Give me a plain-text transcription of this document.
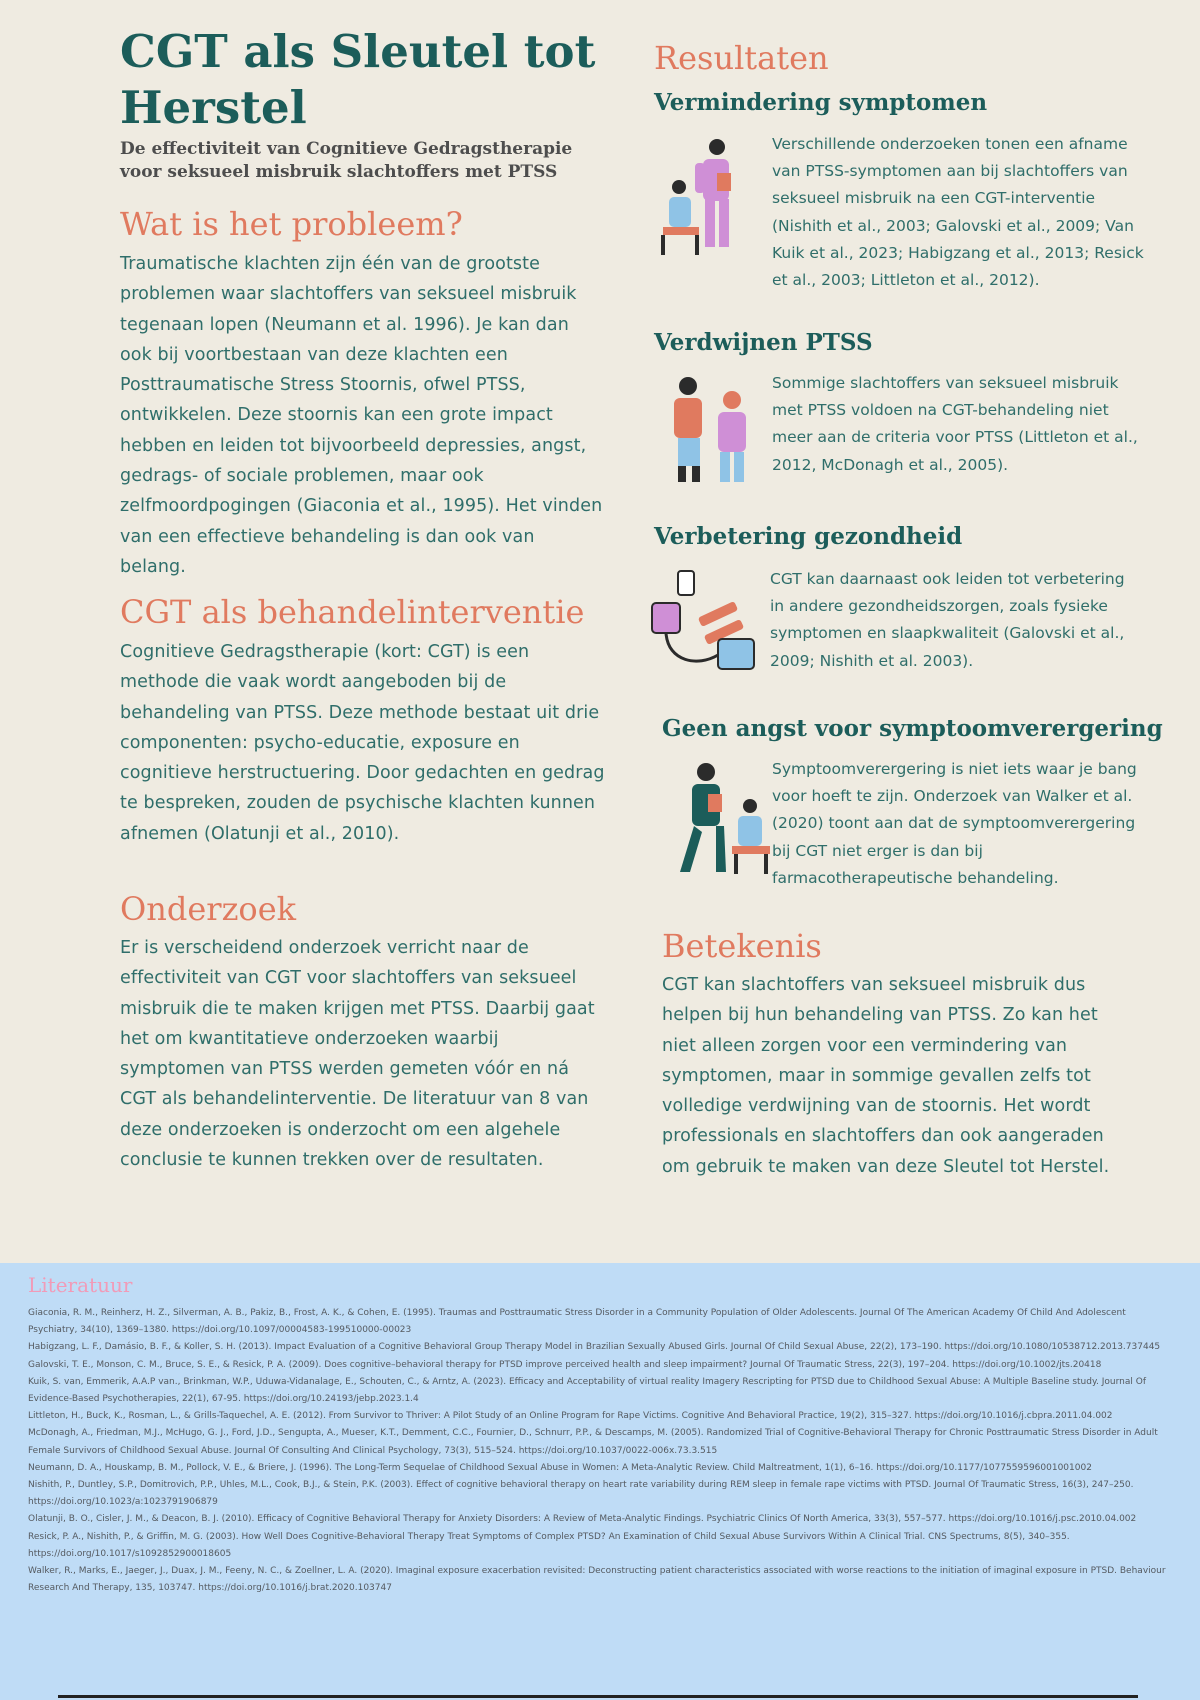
CGT als Sleutel tot Herstel

De effectiviteit van Cognitieve Gedragstherapie voor seksueel misbruik slachtoffers met PTSS

Wat is het probleem?

Traumatische klachten zijn één van de grootste problemen waar slachtoffers van seksueel misbruik tegenaan lopen (Neumann et al. 1996). Je kan dan ook bij voortbestaan van deze klachten een Posttraumatische Stress Stoornis, ofwel PTSS, ontwikkelen. Deze stoornis kan een grote impact hebben en leiden tot bijvoorbeeld depressies, angst, gedrags- of sociale problemen, maar ook zelfmoordpogingen (Giaconia et al., 1995). Het vinden van een effectieve behandeling is dan ook van belang.

CGT als behandelinterventie

Cognitieve Gedragstherapie (kort: CGT) is een methode die vaak wordt aangeboden bij de behandeling van PTSS. Deze methode bestaat uit drie componenten: psycho-educatie, exposure en cognitieve herstructuering. Door gedachten en gedrag te bespreken, zouden de psychische klachten kunnen afnemen (Olatunji et al., 2010).

Onderzoek

Er is verscheidend onderzoek verricht naar de effectiviteit van CGT voor slachtoffers van seksueel misbruik die te maken krijgen met PTSS. Daarbij gaat het om kwantitatieve onderzoeken waarbij symptomen van PTSS werden gemeten vóór en ná CGT als behandelinterventie. De literatuur van 8 van deze onderzoeken is onderzocht om een algehele conclusie te kunnen trekken over de resultaten.

Resultaten
Vermindering symptomen

Verschillende onderzoeken tonen een afname van PTSS-symptomen aan bij slachtoffers van seksueel misbruik na een CGT-interventie (Nishith et al., 2003; Galovski et al., 2009; Van Kuik et al., 2023; Habigzang et al., 2013; Resick et al., 2003; Littleton et al., 2012).

Verdwijnen PTSS

Sommige slachtoffers van seksueel misbruik met PTSS voldoen na CGT-behandeling niet meer aan de criteria voor PTSS (Littleton et al., 2012, McDonagh et al., 2005).

Verbetering gezondheid

CGT kan daarnaast ook leiden tot verbetering in andere gezondheidszorgen, zoals fysieke symptomen en slaapkwaliteit (Galovski et al., 2009; Nishith et al. 2003).

Geen angst voor symptoomverergering

Symptoomverergering is niet iets waar je bang voor hoeft te zijn. Onderzoek van Walker et al. (2020) toont aan dat de symptoomverergering bij CGT niet erger is dan bij farmacotherapeutische behandeling.

Betekenis

CGT kan slachtoffers van seksueel misbruik dus helpen bij hun behandeling van PTSS. Zo kan het niet alleen zorgen voor een vermindering van symptomen, maar in sommige gevallen zelfs tot volledige verdwijning van de stoornis. Het wordt professionals en slachtoffers dan ook aangeraden om gebruik te maken van deze Sleutel tot Herstel.

Literatuur

Giaconia, R. M., Reinherz, H. Z., Silverman, A. B., Pakiz, B., Frost, A. K., & Cohen, E. (1995). Traumas and Posttraumatic Stress Disorder in a Community Population of Older Adolescents. Journal Of The American Academy Of Child And Adolescent Psychiatry, 34(10), 1369–1380. https://doi.org/10.1097/00004583-199510000-00023

Habigzang, L. F., Damásio, B. F., & Koller, S. H. (2013). Impact Evaluation of a Cognitive Behavioral Group Therapy Model in Brazilian Sexually Abused Girls. Journal Of Child Sexual Abuse, 22(2), 173–190. https://doi.org/10.1080/10538712.2013.737445

Galovski, T. E., Monson, C. M., Bruce, S. E., & Resick, P. A. (2009). Does cognitive–behavioral therapy for PTSD improve perceived health and sleep impairment? Journal Of Traumatic Stress, 22(3), 197–204. https://doi.org/10.1002/jts.20418

Kuik, S. van, Emmerik, A.A.P van., Brinkman, W.P., Uduwa-Vidanalage, E., Schouten, C., & Arntz, A. (2023). Efficacy and Acceptability of virtual reality Imagery Rescripting for PTSD due to Childhood Sexual Abuse: A Multiple Baseline study. Journal Of Evidence-Based Psychotherapies, 22(1), 67-95. https://doi.org/10.24193/jebp.2023.1.4

Littleton, H., Buck, K., Rosman, L., & Grills-Taquechel, A. E. (2012). From Survivor to Thriver: A Pilot Study of an Online Program for Rape Victims. Cognitive And Behavioral Practice, 19(2), 315–327. https://doi.org/10.1016/j.cbpra.2011.04.002

McDonagh, A., Friedman, M.J., McHugo, G. J., Ford, J.D., Sengupta, A., Mueser, K.T., Demment, C.C., Fournier, D., Schnurr, P.P., & Descamps, M. (2005). Randomized Trial of Cognitive-Behavioral Therapy for Chronic Posttraumatic Stress Disorder in Adult Female Survivors of Childhood Sexual Abuse. Journal Of Consulting And Clinical Psychology, 73(3), 515–524. https://doi.org/10.1037/0022-006x.73.3.515

Neumann, D. A., Houskamp, B. M., Pollock, V. E., & Briere, J. (1996). The Long-Term Sequelae of Childhood Sexual Abuse in Women: A Meta-Analytic Review. Child Maltreatment, 1(1), 6–16. https://doi.org/10.1177/1077559596001001002

Nishith, P., Duntley, S.P., Domitrovich, P.P., Uhles, M.L., Cook, B.J., & Stein, P.K. (2003). Effect of cognitive behavioral therapy on heart rate variability during REM sleep in female rape victims with PTSD. Journal Of Traumatic Stress, 16(3), 247–250. https://doi.org/10.1023/a:1023791906879

Olatunji, B. O., Cisler, J. M., & Deacon, B. J. (2010). Efficacy of Cognitive Behavioral Therapy for Anxiety Disorders: A Review of Meta-Analytic Findings. Psychiatric Clinics Of North America, 33(3), 557–577. https://doi.org/10.1016/j.psc.2010.04.002

Resick, P. A., Nishith, P., & Griffin, M. G. (2003). How Well Does Cognitive-Behavioral Therapy Treat Symptoms of Complex PTSD? An Examination of Child Sexual Abuse Survivors Within A Clinical Trial. CNS Spectrums, 8(5), 340–355. https://doi.org/10.1017/s1092852900018605

Walker, R., Marks, E., Jaeger, J., Duax, J. M., Feeny, N. C., & Zoellner, L. A. (2020). Imaginal exposure exacerbation revisited: Deconstructing patient characteristics associated with worse reactions to the initiation of imaginal exposure in PTSD. Behaviour Research And Therapy, 135, 103747. https://doi.org/10.1016/j.brat.2020.103747
